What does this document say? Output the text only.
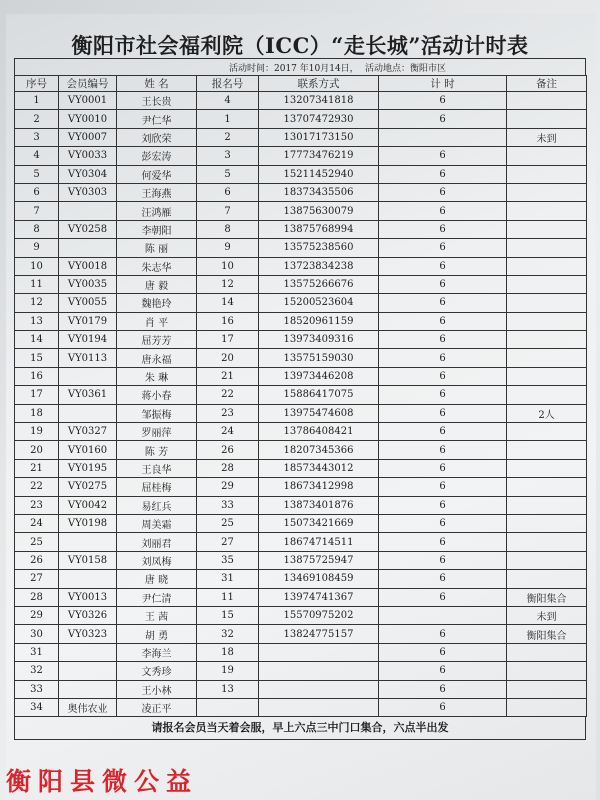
衡阳市社会福利院（ICC）“走长城”活动计时表
活动时间：2017 年10月14日， 活动地点：衡阳市区
序号	会员编号	姓 名	报名号	联系方式	计 时	备注
1	VY0001	王长贵	4	13207341818	6	
2	VY0010	尹仁华	1	13707472930	6	
3	VY0007	刘欣荣	2	13017173150		未到
4	VY0033	彭宏涛	3	17773476219	6	
5	VY0304	何爱华	5	15211452940	6	
6	VY0303	王海燕	6	18373435506	6	
7		汪鸿雁	7	13875630079	6	
8	VY0258	李朝阳	8	13875768994	6	
9		陈 丽	9	13575238560	6	
10	VY0018	朱志华	10	13723834238	6	
11	VY0035	唐 毅	12	13575266676	6	
12	VY0055	魏艳玲	14	15200523604	6	
13	VY0179	肖 平	16	18520961159	6	
14	VY0194	屈芳芳	17	13973409316	6	
15	VY0113	唐永福	20	13575159030	6	
16		朱 琳	21	13973446208	6	
17	VY0361	蒋小春	22	15886417075	6	
18		邹振梅	23	13975474608	6	2人
19	VY0327	罗丽萍	24	13786408421	6	
20	VY0160	陈 芳	26	18207345366	6	
21	VY0195	王良华	28	18573443012	6	
22	VY0275	屈桂梅	29	18673412998	6	
23	VY0042	易红兵	33	13873401876	6	
24	VY0198	周美霜	25	15073421669	6	
25		刘丽君	27	18674714511	6	
26	VY0158	刘凤梅	35	13875725947	6	
27		唐 晓	31	13469108459	6	
28	VY0013	尹仁清	11	13974741367	6	衡阳集合
29	VY0326	王 茜	15	15570975202		未到
30	VY0323	胡 勇	32	13824775157	6	衡阳集合
31		李海兰	18		6	
32		文秀珍	19		6	
33		王小林	13		6	
34	奥伟农业	凌正平			6	
请报名会员当天着会服，早上六点三中门口集合，六点半出发
衡阳县微公益
